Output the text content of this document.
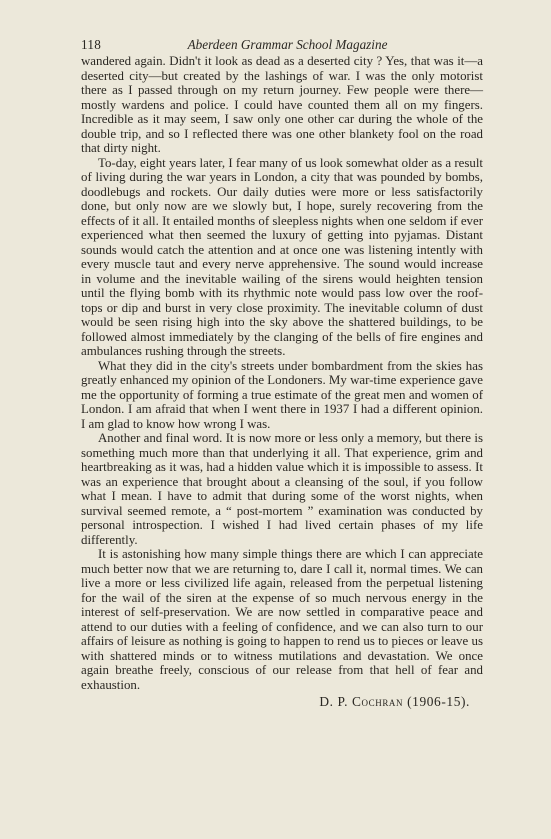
118	Aberdeen Grammar School Magazine

wandered again. Didn't it look as dead as a deserted city ? Yes, that was it—a deserted city—but created by the lashings of war. I was the only motorist there as I passed through on my return journey. Few people were there—mostly wardens and police. I could have counted them all on my fingers. Incredible as it may seem, I saw only one other car during the whole of the double trip, and so I reflected there was one other blankety fool on the road that dirty night.

To-day, eight years later, I fear many of us look somewhat older as a result of living during the war years in London, a city that was pounded by bombs, doodlebugs and rockets. Our daily duties were more or less satisfactorily done, but only now are we slowly but, I hope, surely recovering from the effects of it all. It entailed months of sleepless nights when one seldom if ever experienced what then seemed the luxury of getting into pyjamas. Distant sounds would catch the attention and at once one was listening intently with every muscle taut and every nerve apprehensive. The sound would increase in volume and the inevitable wailing of the sirens would heighten tension until the flying bomb with its rhythmic note would pass low over the roof-tops or dip and burst in very close proximity. The inevitable column of dust would be seen rising high into the sky above the shattered buildings, to be followed almost immediately by the clanging of the bells of fire engines and ambulances rushing through the streets.

What they did in the city's streets under bombardment from the skies has greatly enhanced my opinion of the Londoners. My war-time experience gave me the opportunity of forming a true estimate of the great men and women of London. I am afraid that when I went there in 1937 I had a different opinion. I am glad to know how wrong I was.

Another and final word. It is now more or less only a memory, but there is something much more than that underlying it all. That experience, grim and heartbreaking as it was, had a hidden value which it is impossible to assess. It was an experience that brought about a cleansing of the soul, if you follow what I mean. I have to admit that during some of the worst nights, when survival seemed remote, a “ post-mortem ” examination was conducted by personal introspection. I wished I had lived certain phases of my life differently.

It is astonishing how many simple things there are which I can appreciate much better now that we are returning to, dare I call it, normal times. We can live a more or less civilized life again, released from the perpetual listening for the wail of the siren at the expense of so much nervous energy in the interest of self-preservation. We are now settled in comparative peace and attend to our duties with a feeling of confidence, and we can also turn to our affairs of leisure as nothing is going to happen to rend us to pieces or leave us with shattered minds or to witness mutilations and devastation. We once again breathe freely, conscious of our release from that hell of fear and exhaustion.

D. P. Cochran (1906-15).
